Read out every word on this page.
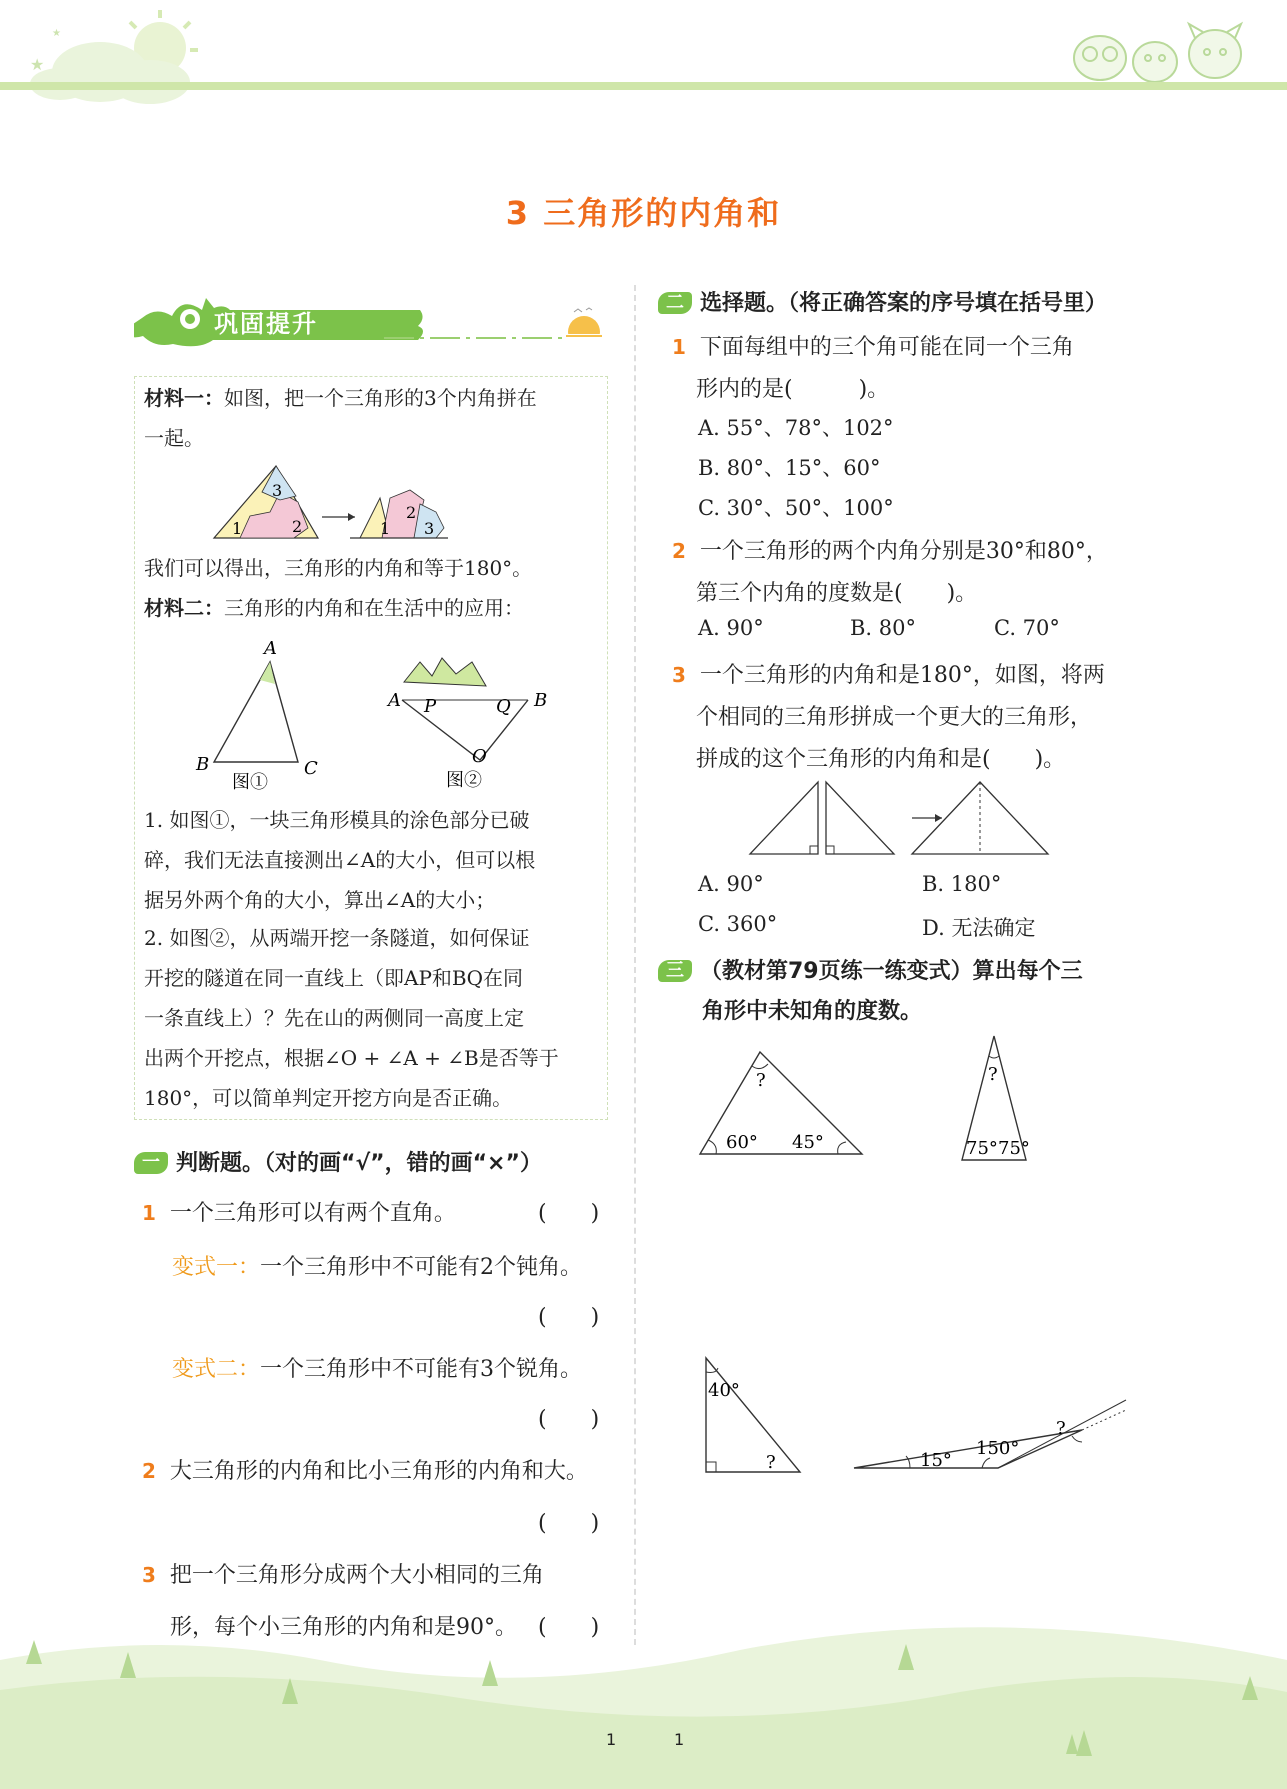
★
★
3 三角形的内角和
巩固提升
材料一：如图，把一个三角形的3个内角拼在
一起。
1	2
3
1
2
3
我们可以得出，三角形的内角和等于180°。
材料二：三角形的内角和在生活中的应用：
A
B	C
图①
A P	Q B
O
图②
1. 如图①，一块三角形模具的涂色部分已破
碎，我们无法直接测出∠A的大小，但可以根
据另外两个角的大小，算出∠A的大小；
2. 如图②，从两端开挖一条隧道，如何保证
开挖的隧道在同一直线上（即AP和BQ在同
一条直线上）？先在山的两侧同一高度上定
出两个开挖点，根据∠O + ∠A + ∠B是否等于
180°，可以简单判定开挖方向是否正确。
一 判断题。（对的画“√”，错的画“×”）
1 一个三角形可以有两个直角。	(　　)
变式一：一个三角形中不可能有2个钝角。
(　　)
变式二：一个三角形中不可能有3个锐角。
(　　)
2 大三角形的内角和比小三角形的内角和大。
(　　)
3 把一个三角形分成两个大小相同的三角
形，每个小三角形的内角和是90°。 (　　)
二 选择题。（将正确答案的序号填在括号里）
1 下面每组中的三个角可能在同一个三角
形内的是(　　　)。
A. 55°、78°、102°
B. 80°、15°、60°
C. 30°、50°、100°
2 一个三角形的两个内角分别是30°和80°，
第三个内角的度数是(　　)。
A. 90°	B. 80°	C. 70°
3 一个三角形的内角和是180°，如图，将两
个相同的三角形拼成一个更大的三角形，
拼成的这个三角形的内角和是(　　)。
A. 90°	B. 180°
C. 360°	D. 无法确定
三 （教材第79页练一练变式）算出每个三
角形中未知角的度数。
?
60° 45°
?
75° 75°
40°
?	15°
150°
?
1	1
